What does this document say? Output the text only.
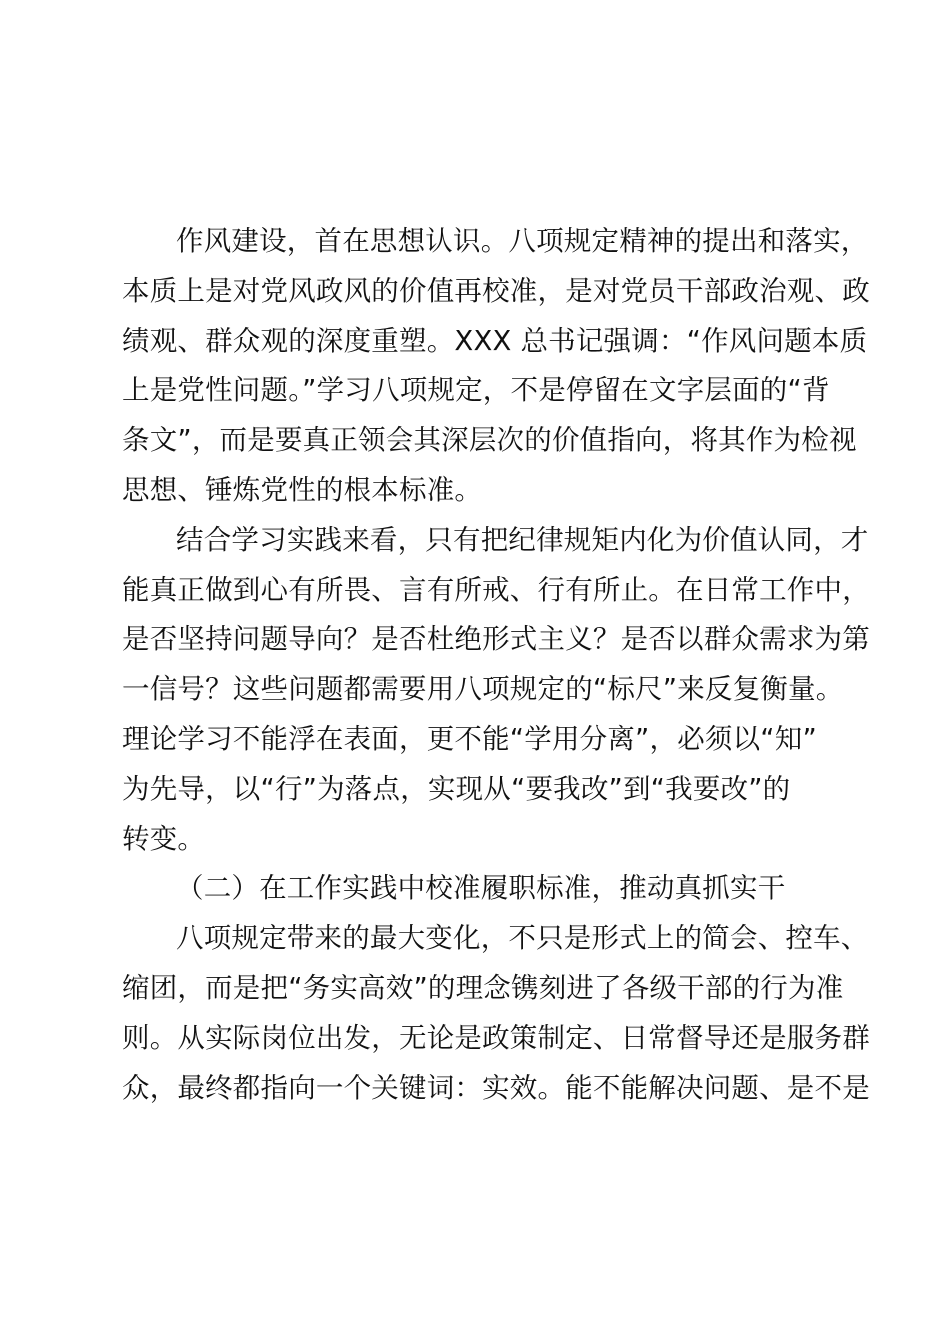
作风建设，首在思想认识。八项规定精神的提出和落实，
本质上是对党风政风的价值再校准，是对党员干部政治观、政
绩观、群众观的深度重塑。XXX 总书记强调：“作风问题本质
上是党性问题。”学习八项规定，不是停留在文字层面的“背
条文”，而是要真正领会其深层次的价值指向，将其作为检视
思想、锤炼党性的根本标准。
结合学习实践来看，只有把纪律规矩内化为价值认同，才
能真正做到心有所畏、言有所戒、行有所止。在日常工作中，
是否坚持问题导向？是否杜绝形式主义？是否以群众需求为第
一信号？这些问题都需要用八项规定的“标尺”来反复衡量。
理论学习不能浮在表面，更不能“学用分离”，必须以“知”
为先导，以“行”为落点，实现从“要我改”到“我要改”的
转变。
（二）在工作实践中校准履职标准，推动真抓实干
八项规定带来的最大变化，不只是形式上的简会、控车、
缩团，而是把“务实高效”的理念镌刻进了各级干部的行为准
则。从实际岗位出发，无论是政策制定、日常督导还是服务群
众，最终都指向一个关键词：实效。能不能解决问题、是不是
